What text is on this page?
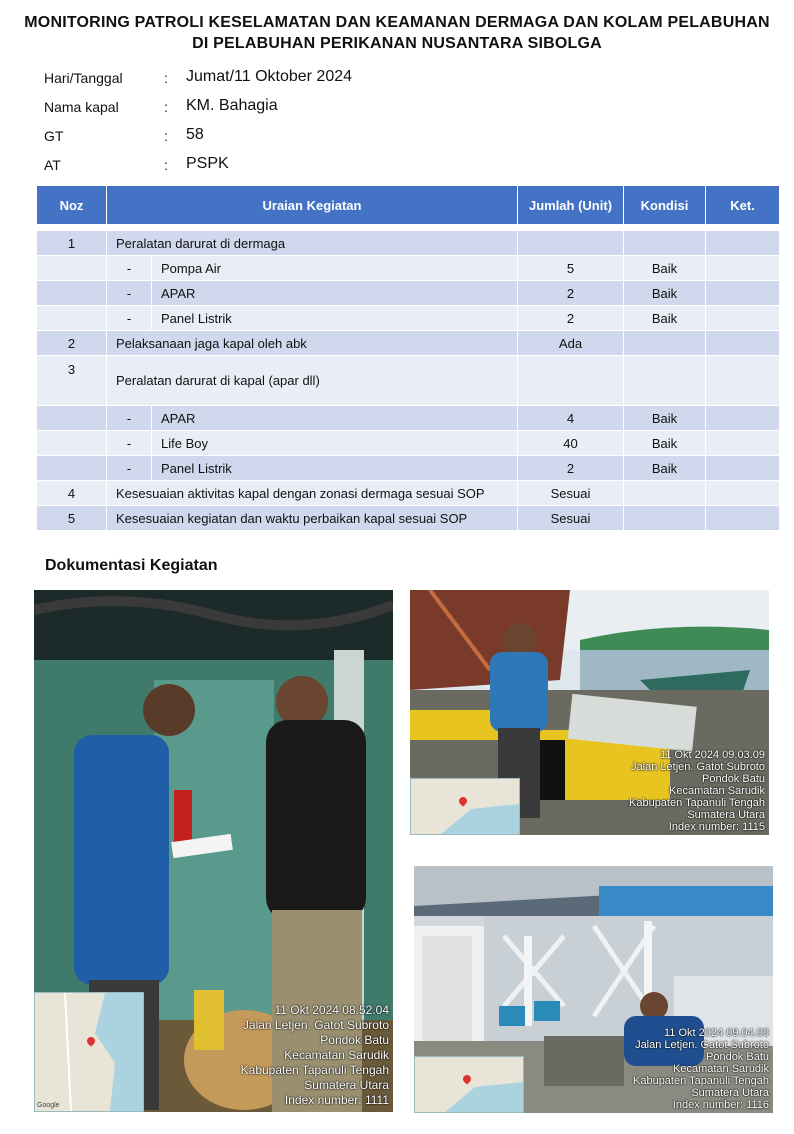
MONITORING PATROLI KESELAMATAN DAN KEAMANAN DERMAGA DAN KOLAM PELABUHAN
DI PELABUHAN PERIKANAN NUSANTARA SIBOLGA
Hari/Tanggal	: Jumat/11 Oktober 2024
Nama kapal	: KM. Bahagia
GT	: 58
AT	: PSPK
Noz	Uraian Kegiatan		Jumlah (Unit)	Kondisi	Ket.

1	Peralatan darurat di dermaga				
	-	Pompa Air	5	Baik	
	-	APAR	2	Baik	
	-	Panel Listrik	2	Baik	
2	Pelaksanaan jaga kapal oleh abk		Ada		
3	Peralatan darurat di kapal (apar dll)				
	-	APAR	4	Baik	
	-	Life Boy	40	Baik	
	-	Panel Listrik	2	Baik	
4	Kesesuaian aktivitas kapal dengan zonasi dermaga sesuai SOP		Sesuai		
5	Kesesuaian kegiatan dan waktu perbaikan kapal sesuai SOP		Sesuai		
Dokumentasi Kegiatan
Google
11 Okt 2024 08.52.04
Jalan Letjen. Gatot Subroto
Pondok Batu
Kecamatan Sarudik
Kabupaten Tapanuli Tengah
Sumatera Utara
Index number: 1111
11 Okt 2024 09.03.09
Jalan Letjen. Gatot Subroto
Pondok Batu
Kecamatan Sarudik
Kabupaten Tapanuli Tengah
Sumatera Utara
Index number: 1115
11 Okt 2024 09.04.00
Jalan Letjen. Gatot Subroto
Pondok Batu
Kecamatan Sarudik
Kabupaten Tapanuli Tengah
Sumatera Utara
Index number: 1116
